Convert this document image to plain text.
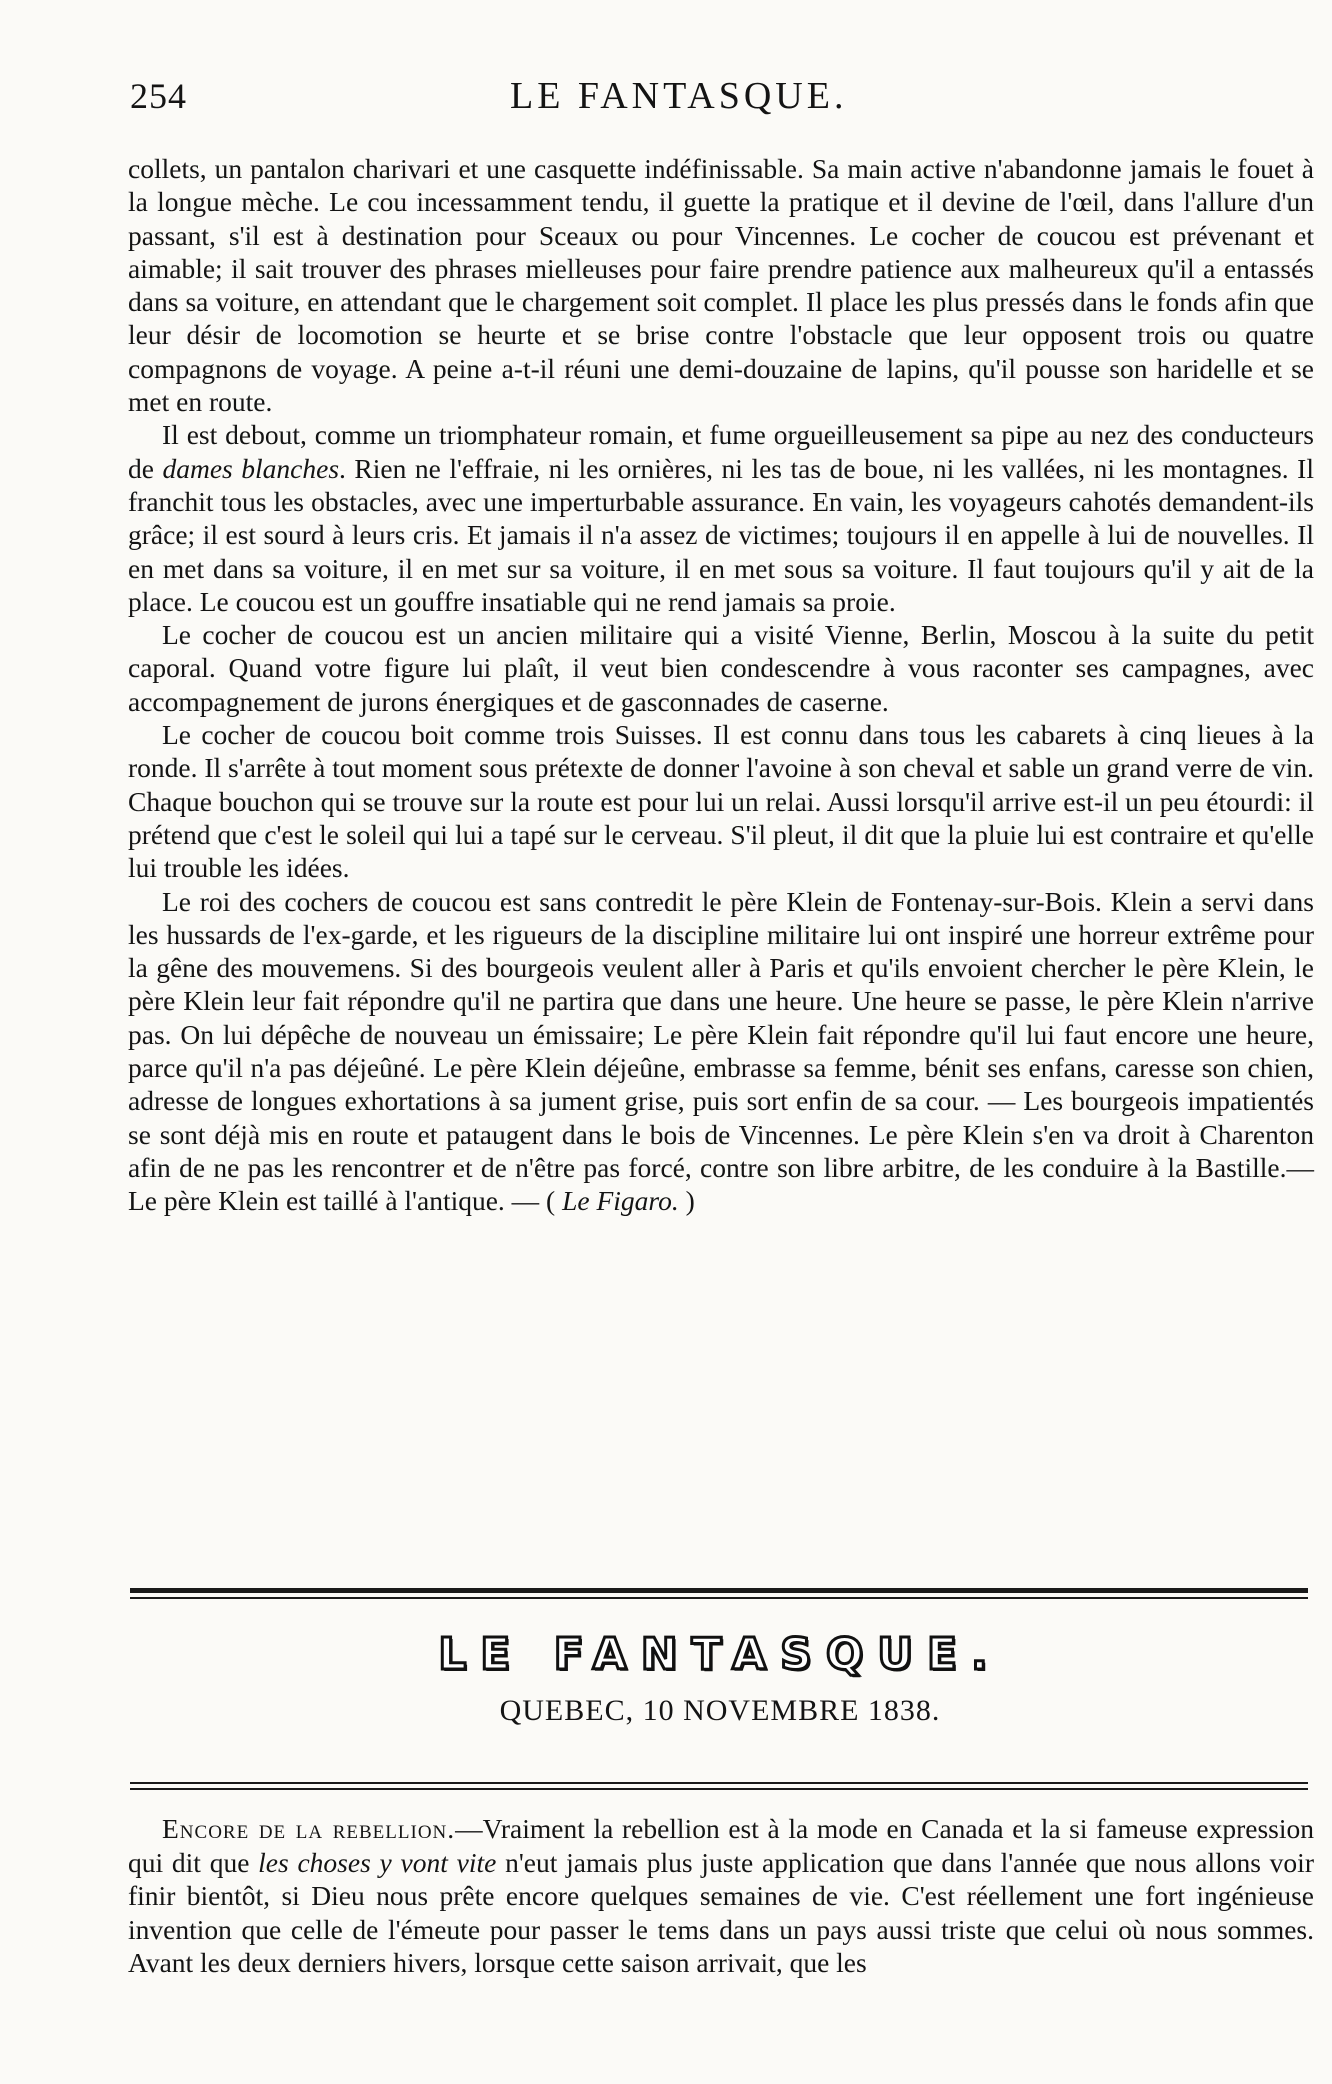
254	LE FANTASQUE.

collets, un pantalon charivari et une casquette indéfinissable. Sa main active n'abandonne jamais le fouet à la longue mèche. Le cou incessamment tendu, il guette la pratique et il devine de l'œil, dans l'allure d'un passant, s'il est à destination pour Sceaux ou pour Vincennes. Le cocher de coucou est prévenant et aimable; il sait trouver des phrases mielleuses pour faire prendre patience aux malheureux qu'il a entassés dans sa voiture, en attendant que le chargement soit complet. Il place les plus pressés dans le fonds afin que leur désir de locomotion se heurte et se brise contre l'obstacle que leur opposent trois ou quatre compagnons de voyage. A peine a-t-il réuni une demi-douzaine de lapins, qu'il pousse son haridelle et se met en route.

Il est debout, comme un triomphateur romain, et fume orgueilleusement sa pipe au nez des conducteurs de dames blanches. Rien ne l'effraie, ni les ornières, ni les tas de boue, ni les vallées, ni les montagnes. Il franchit tous les obstacles, avec une imperturbable assurance. En vain, les voyageurs cahotés demandent-ils grâce; il est sourd à leurs cris. Et jamais il n'a assez de victimes; toujours il en appelle à lui de nouvelles. Il en met dans sa voiture, il en met sur sa voiture, il en met sous sa voiture. Il faut toujours qu'il y ait de la place. Le coucou est un gouffre insatiable qui ne rend jamais sa proie.

Le cocher de coucou est un ancien militaire qui a visité Vienne, Berlin, Moscou à la suite du petit caporal. Quand votre figure lui plaît, il veut bien condescendre à vous raconter ses campagnes, avec accompagnement de jurons énergiques et de gasconnades de caserne.

Le cocher de coucou boit comme trois Suisses. Il est connu dans tous les cabarets à cinq lieues à la ronde. Il s'arrête à tout moment sous prétexte de donner l'avoine à son cheval et sable un grand verre de vin. Chaque bouchon qui se trouve sur la route est pour lui un relai. Aussi lorsqu'il arrive est-il un peu étourdi: il prétend que c'est le soleil qui lui a tapé sur le cerveau. S'il pleut, il dit que la pluie lui est contraire et qu'elle lui trouble les idées.

Le roi des cochers de coucou est sans contredit le père Klein de Fontenay-sur-Bois. Klein a servi dans les hussards de l'ex-garde, et les rigueurs de la discipline militaire lui ont inspiré une horreur extrême pour la gêne des mouvemens. Si des bourgeois veulent aller à Paris et qu'ils envoient chercher le père Klein, le père Klein leur fait répondre qu'il ne partira que dans une heure. Une heure se passe, le père Klein n'arrive pas. On lui dépêche de nouveau un émissaire; Le père Klein fait répondre qu'il lui faut encore une heure, parce qu'il n'a pas déjeûné. Le père Klein déjeûne, embrasse sa femme, bénit ses enfans, caresse son chien, adresse de longues exhortations à sa jument grise, puis sort enfin de sa cour. — Les bourgeois impatientés se sont déjà mis en route et pataugent dans le bois de Vincennes. Le père Klein s'en va droit à Charenton afin de ne pas les rencontrer et de n'être pas forcé, contre son libre arbitre, de les conduire à la Bastille.—Le père Klein est taillé à l'antique. — ( Le Figaro. )

LE FANTASQUE.
QUEBEC, 10 NOVEMBRE 1838.

Encore de la rebellion.—Vraiment la rebellion est à la mode en Canada et la si fameuse expression qui dit que les choses y vont vite n'eut jamais plus juste application que dans l'année que nous allons voir finir bientôt, si Dieu nous prête encore quelques semaines de vie. C'est réellement une fort ingénieuse invention que celle de l'émeute pour passer le tems dans un pays aussi triste que celui où nous sommes. Avant les deux derniers hivers, lorsque cette saison arrivait, que les
